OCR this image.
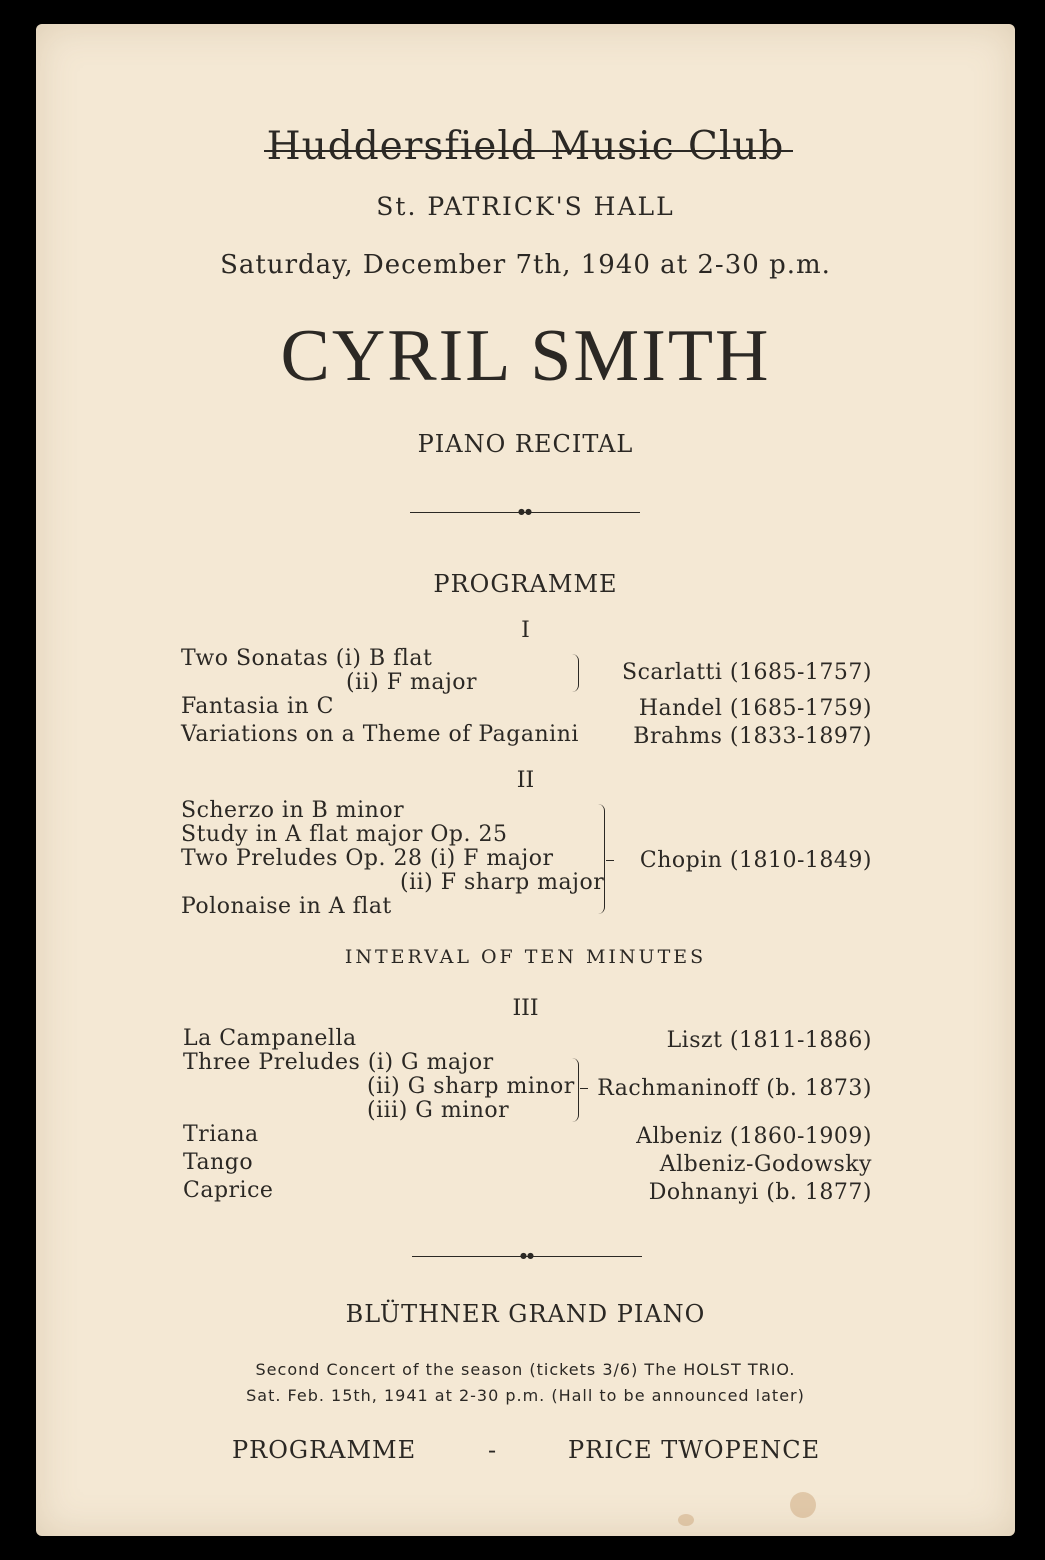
Huddersfield Music Club
St. PATRICK'S HALL
Saturday, December 7th, 1940 at 2-30 p.m.
CYRIL SMITH
PIANO RECITAL
●●
PROGRAMME
I
Two Sonatas (i) B flat
(ii) F major
Fantasia in C
Variations on a Theme of Paganini
Scarlatti (1685-1757)
Handel (1685-1759)
Brahms (1833-1897)
II
Scherzo in B minor
Study in A flat major Op. 25
Two Preludes Op. 28 (i) F major
(ii) F sharp major
Polonaise in A flat
Chopin (1810-1849)
INTERVAL OF TEN MINUTES
III
La Campanella
Three Preludes (i) G major
(ii) G sharp minor
(iii) G minor
Triana
Tango
Caprice
Liszt (1811-1886)
Rachmaninoff (b. 1873)
Albeniz (1860-1909)
Albeniz-Godowsky
Dohnanyi (b. 1877)
●●
BLÜTHNER GRAND PIANO
Second Concert of the season (tickets 3/6) The HOLST TRIO.
Sat. Feb. 15th, 1941 at 2-30 p.m. (Hall to be announced later)
PROGRAMME	-	PRICE TWOPENCE
